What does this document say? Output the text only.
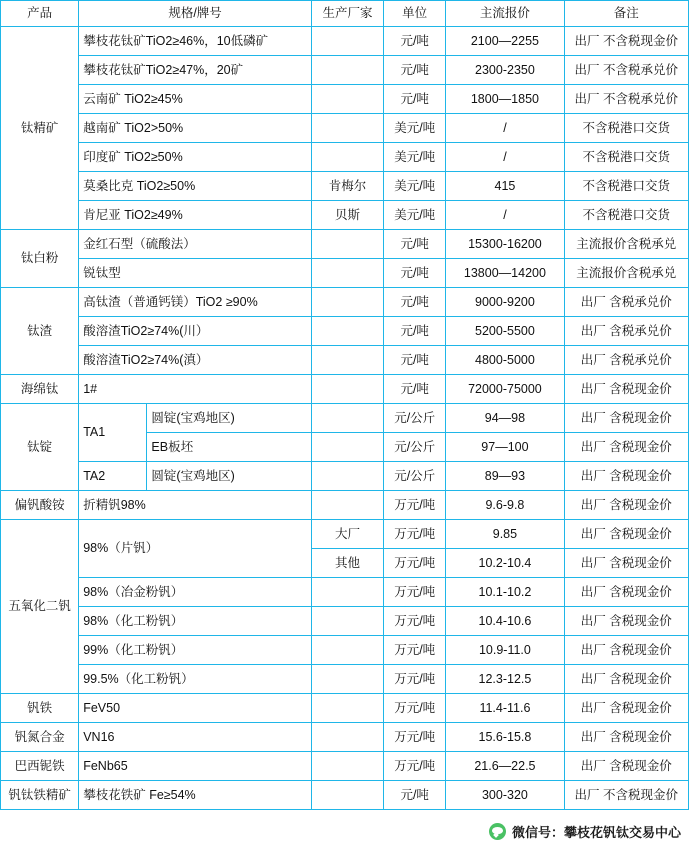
产品	规格/牌号		生产厂家	单位	主流报价	备注
钛精矿	攀枝花钛矿TiO2≥46%，10低磷矿			元/吨	2100—2255	出厂 不含税现金价
	攀枝花钛矿TiO2≥47%，20矿			元/吨	2300-2350	出厂 不含税承兑价
	云南矿 TiO2≥45%			元/吨	1800—1850	出厂 不含税承兑价
	越南矿 TiO2>50%			美元/吨	/	不含税港口交货
	印度矿 TiO2≥50%			美元/吨	/	不含税港口交货
	莫桑比克 TiO2≥50%		肯梅尔	美元/吨	415	不含税港口交货
	肯尼亚 TiO2≥49%		贝斯	美元/吨	/	不含税港口交货
钛白粉	金红石型（硫酸法）			元/吨	15300-16200	主流报价含税承兑
	锐钛型			元/吨	13800—14200	主流报价含税承兑
钛渣	高钛渣（普通钙镁）TiO2 ≥90%			元/吨	9000-9200	出厂 含税承兑价
	酸溶渣TiO2≥74%(川）			元/吨	5200-5500	出厂 含税承兑价
	酸溶渣TiO2≥74%(滇）			元/吨	4800-5000	出厂 含税承兑价
海绵钛	1#			元/吨	72000-75000	出厂 含税现金价
钛锭	TA1	圆锭(宝鸡地区)		元/公斤	94—98	出厂 含税现金价
		EB板坯		元/公斤	97—100	出厂 含税现金价
	TA2	圆锭(宝鸡地区)		元/公斤	89—93	出厂 含税现金价
偏钒酸铵	折精钒98%			万元/吨	9.6-9.8	出厂 含税现金价
五氧化二钒	98%（片钒）		大厂	万元/吨	9.85	出厂 含税现金价
			其他	万元/吨	10.2-10.4	出厂 含税现金价
	98%（冶金粉钒）			万元/吨	10.1-10.2	出厂 含税现金价
	98%（化工粉钒）			万元/吨	10.4-10.6	出厂 含税现金价
	99%（化工粉钒）			万元/吨	10.9-11.0	出厂 含税现金价
	99.5%（化工粉钒）			万元/吨	12.3-12.5	出厂 含税现金价
钒铁	FeV50			万元/吨	11.4-11.6	出厂 含税现金价
钒氮合金	VN16			万元/吨	15.6-15.8	出厂 含税现金价
巴西铌铁	FeNb65			万元/吨	21.6—22.5	出厂 含税现金价
钒钛铁精矿	攀枝花铁矿 Fe≥54%			元/吨	300-320	出厂 不含税现金价
微信号：攀枝花钒钛交易中心
